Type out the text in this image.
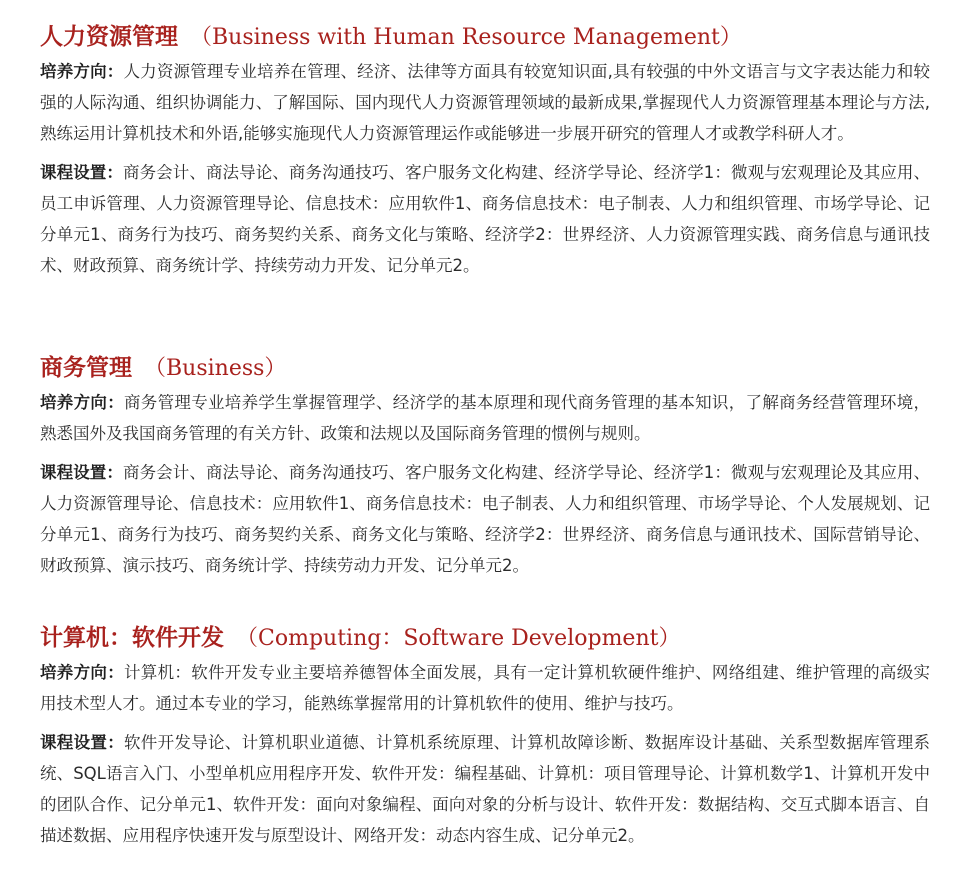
人力资源管理 （Business with Human Resource Management）

培养方向：人力资源管理专业培养在管理、经济、法律等方面具有较宽知识面,具有较强的中外文语言与文字表达能力和较强的人际沟通、组织协调能力、了解国际、国内现代人力资源管理领域的最新成果,掌握现代人力资源管理基本理论与方法,熟练运用计算机技术和外语,能够实施现代人力资源管理运作或能够进一步展开研究的管理人才或教学科研人才。

课程设置：商务会计、商法导论、商务沟通技巧、客户服务文化构建、经济学导论、经济学1：微观与宏观理论及其应用、员工申诉管理、人力资源管理导论、信息技术：应用软件1、商务信息技术：电子制表、人力和组织管理、市场学导论、记分单元1、商务行为技巧、商务契约关系、商务文化与策略、经济学2：世界经济、人力资源管理实践、商务信息与通讯技术、财政预算、商务统计学、持续劳动力开发、记分单元2。

商务管理 （Business）

培养方向：商务管理专业培养学生掌握管理学、经济学的基本原理和现代商务管理的基本知识，了解商务经营管理环境，熟悉国外及我国商务管理的有关方针、政策和法规以及国际商务管理的惯例与规则。

课程设置：商务会计、商法导论、商务沟通技巧、客户服务文化构建、经济学导论、经济学1：微观与宏观理论及其应用、人力资源管理导论、信息技术：应用软件1、商务信息技术：电子制表、人力和组织管理、市场学导论、个人发展规划、记分单元1、商务行为技巧、商务契约关系、商务文化与策略、经济学2：世界经济、商务信息与通讯技术、国际营销导论、财政预算、演示技巧、商务统计学、持续劳动力开发、记分单元2。

计算机：软件开发 （Computing：Software Development）

培养方向：计算机：软件开发专业主要培养德智体全面发展，具有一定计算机软硬件维护、网络组建、维护管理的高级实用技术型人才。通过本专业的学习，能熟练掌握常用的计算机软件的使用、维护与技巧。

课程设置：软件开发导论、计算机职业道德、计算机系统原理、计算机故障诊断、数据库设计基础、关系型数据库管理系统、SQL语言入门、小型单机应用程序开发、软件开发：编程基础、计算机：项目管理导论、计算机数学1、计算机开发中的团队合作、记分单元1、软件开发：面向对象编程、面向对象的分析与设计、软件开发：数据结构、交互式脚本语言、自描述数据、应用程序快速开发与原型设计、网络开发：动态内容生成、记分单元2。
